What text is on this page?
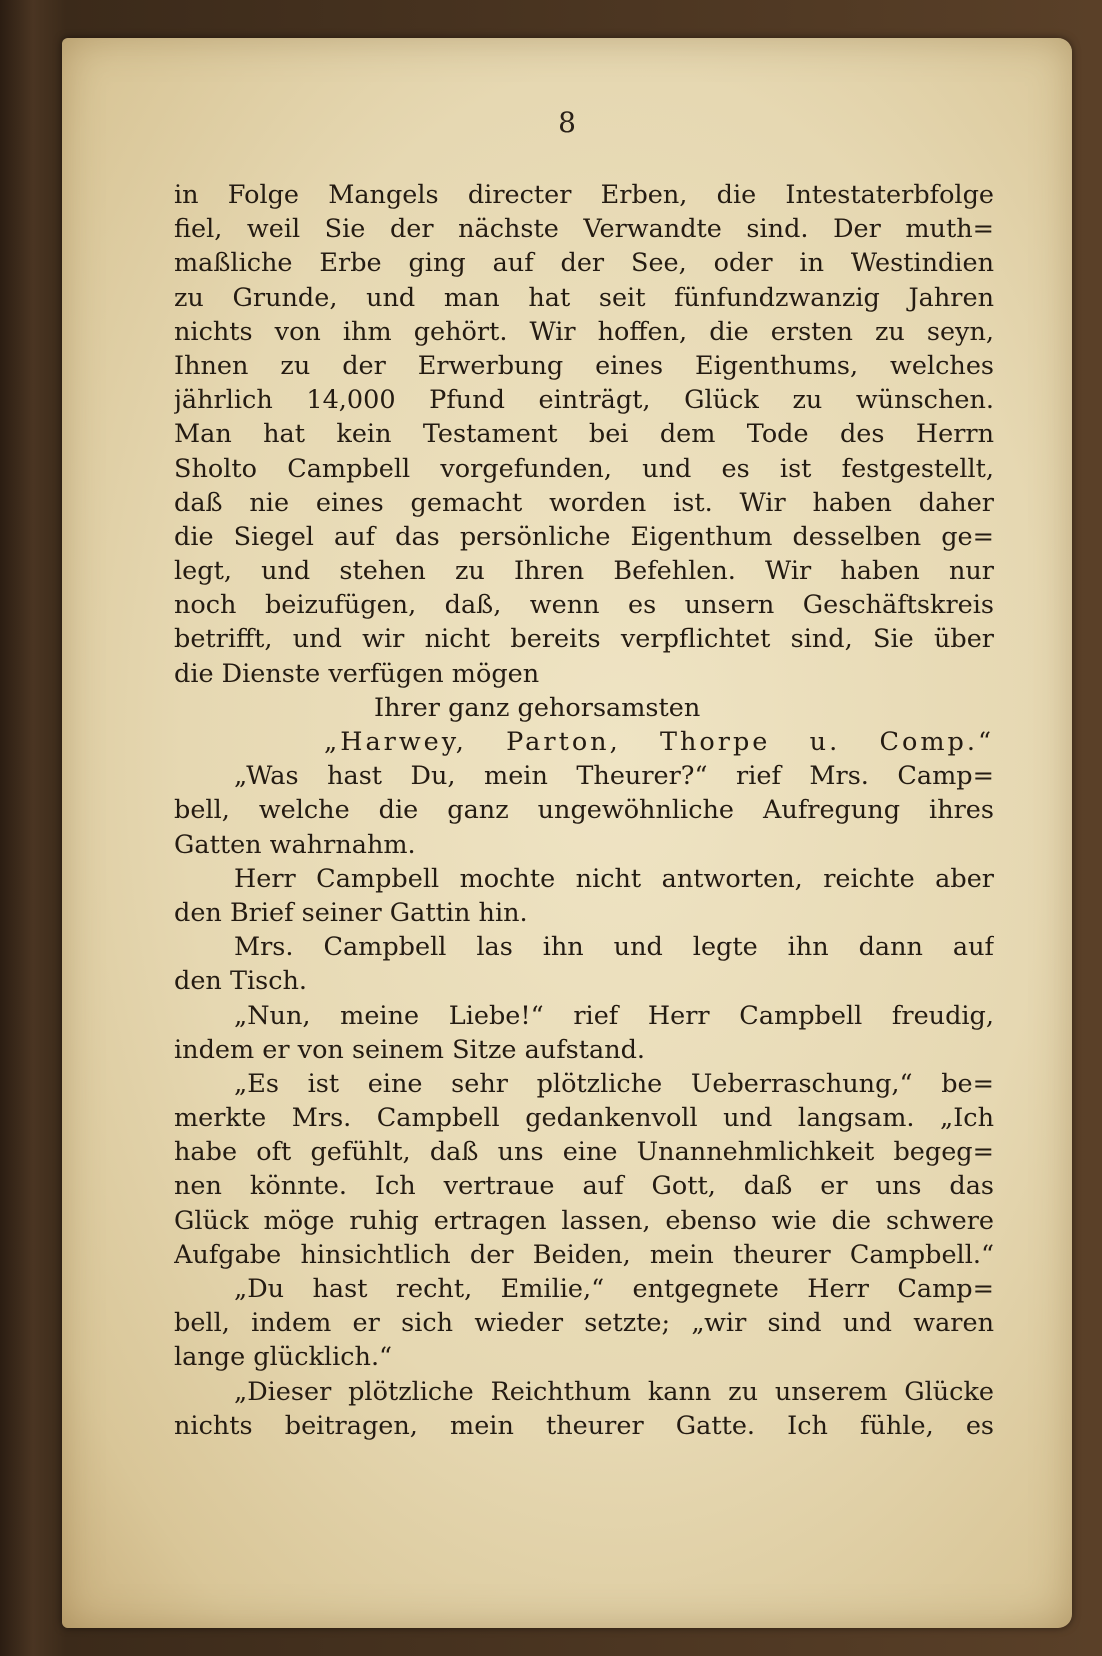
8
in Folge Mangels directer Erben, die Intestaterbfolge
fiel, weil Sie der nächste Verwandte sind. Der muth=
maßliche Erbe ging auf der See, oder in Westindien
zu Grunde, und man hat seit fünfundzwanzig Jahren
nichts von ihm gehört. Wir hoffen, die ersten zu seyn,
Ihnen zu der Erwerbung eines Eigenthums, welches
jährlich 14,000 Pfund einträgt, Glück zu wünschen.
Man hat kein Testament bei dem Tode des Herrn
Sholto Campbell vorgefunden, und es ist festgestellt,
daß nie eines gemacht worden ist. Wir haben daher
die Siegel auf das persönliche Eigenthum desselben ge=
legt, und stehen zu Ihren Befehlen. Wir haben nur
noch beizufügen, daß, wenn es unsern Geschäftskreis
betrifft, und wir nicht bereits verpflichtet sind, Sie über
die Dienste verfügen mögen
Ihrer ganz gehorsamsten
„Harwey, Parton, Thorpe u. Comp.“
„Was hast Du, mein Theurer?“ rief Mrs. Camp=
bell, welche die ganz ungewöhnliche Aufregung ihres
Gatten wahrnahm.
Herr Campbell mochte nicht antworten, reichte aber
den Brief seiner Gattin hin.
Mrs. Campbell las ihn und legte ihn dann auf
den Tisch.
„Nun, meine Liebe!“ rief Herr Campbell freudig,
indem er von seinem Sitze aufstand.
„Es ist eine sehr plötzliche Ueberraschung,“ be=
merkte Mrs. Campbell gedankenvoll und langsam. „Ich
habe oft gefühlt, daß uns eine Unannehmlichkeit begeg=
nen könnte. Ich vertraue auf Gott, daß er uns das
Glück möge ruhig ertragen lassen, ebenso wie die schwere
Aufgabe hinsichtlich der Beiden, mein theurer Campbell.“
„Du hast recht, Emilie,“ entgegnete Herr Camp=
bell, indem er sich wieder setzte; „wir sind und waren
lange glücklich.“
„Dieser plötzliche Reichthum kann zu unserem Glücke
nichts beitragen, mein theurer Gatte. Ich fühle, es
